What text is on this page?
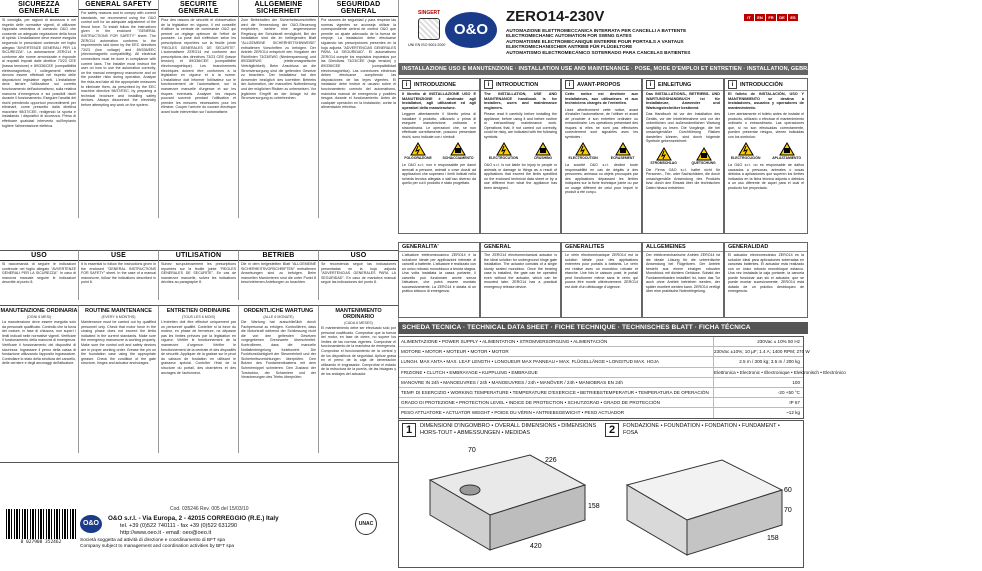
SICUREZZA GENERALE
Si consiglia, per ragioni di sicurezza e nel rispetto delle normative vigenti, di utilizzare l'apposita centralina di comando O&O che consente un adeguato regolazione della forza di spinta. L'installazione deve essere eseguita seguendo le prescrizioni contenute nel foglio allegato "AVVERTENZE GENERALI PER LA SICUREZZA". La automazione ZERO14 è conforme alle norme armonizzate e risponde ai requisiti imposti dalle direttive 73/23 CEE (bassa tensione) e 89/336/CEE (compatibilità elettromagnetica). I collegamenti elettrici devono essere effettuati nel rispetto delle disposizioni legislative vigenti. L'installatore deve istruire l'utilizzatore sul corretto funzionamento dell'automatismo, sulla relativa manovra d'emergenza e sui possibili rischi durante il funzionamento. Eseguire l'analisi dei rischi prendendo opportuni provvedimenti per eliminarli, come prescritto dalla direttiva macchine 98/37/CEE, redigendo la sporta e installando i dispositivi di sicurezza. Prima di effettuare qualsiasi intervento sull'impianto togliere l'alimentazione elettrica.
GENERAL SAFETY
For safety reasons and to comply with current standards, we recommend using the O&O control unit for an adequate adjustment of the thrust force. To install follow the instructions given in the enclosed "GENERAL INSTRUCTIONS FOR SAFETY" sheet. The ZERO14 automation conforms to the requirements laid down by the EEC directives 73/23 (low voltage) and 89/336/EEC (electromagnetic compatibility). All electrical connections must be done in compliance with current laws. The installer must instruct the user on how to use the automation correctly, on the manual emergency manoeuvre and on the possible risks during operation. Analyse the risks and take all the appropriate measures to eliminate them, as prescribed by the EEC machine directive 98/37/EEC, by preparing a technical brochure and installing safety devices. Always disconnect the electricity before attempting any work on the system.
SECURITE GENERALE
Pour des raisons de sécurité et d'observation de la législation en vigueur, il est conseillé d'utiliser la centrale de commande O&O qui permet un réglage optimum de l'effort de poussée. La pose doit s'effectuer selon les prescriptions reportées sur la feuille jointe "REGLES GENERALES DE SECURITE". L'automatisme ZERO14 est conforme aux prescriptions des directives 73/23 CEE (basse tension) et 89/336/CEE (compatibilité électromagnétique). Les branchements électriques doivent être conformes à la législation en vigueur et à la norme. L'installateur doit informer l'utilisateur sur le fonctionnement de l'automatisme, sur la manœuvre manuelle d'urgence et sur les risques éventuels. Analyser les risques pouvant survenir pendant l'utilisation et prendre les mesures nécessaires pour les éliminer. Couper l'arrivée du courant électrique avant toute intervention sur l'automatisme.
ALLGEMEINE SICHERHEIT
Zum Beibehalten der Sicherheitsvorschriften wird die Verwendung der O&O-Steuerung empfohlen, welche eine angemessene Regelung der Schubkraft ermöglicht. Bei der Installation sind die im beiliegenden Blatt "ALLGEMEINE SICHERHEITSHINWEISE" enthaltenen Vorschriften zu befolgen. Der Antrieb ZERO14 entspricht den Vorgaben der Richtlinien 73/23/EWG (Niederspannung) und 89/336/EWG (elektromagnetische Verträglichkeit). Beim Anschluss an die Stromversorgung sind die geltenden Gesetze zu beachten. Der Installateur hat den Anwender bezüglich des korrekten Betriebs der Automation, der manuellen Notbedienung und der möglichen Risiken zu unterweisen. Vor jeglichem Eingriff an der Anlage ist die Stromversorgung zu unterbrechen.
SEGURIDAD GENERAL
Por razones de seguridad y para respetar las normas vigentes se aconseja utilizar la correspondiente central de control O&O que permite un ajuste adecuado de la fuerza de empuje. La instalación debe efectuarse siguiendo las prescripciones presentes en la hoja adjunta "ADVERTENCIAS GENERALES PARA LA SEGURIDAD". El automatismo ZERO14 cumple los requisitos impuestos por las Directivas 73/23/CEE (baja tensión) y 89/336/CEE (compatibilidad electromagnética). Las conexiones eléctricas deben efectuarse cumpliendo las disposiciones de las leyes vigentes. El instalador debe instruir al usuario sobre el funcionamiento correcto del automatismo, maniobra manual de emergencia y posibles riesgos durante el funcionamiento. Antes de cualquier operación en la instalación, cortar la alimentación eléctrica.
USO
Si raccomanda di seguire le indicazioni contenute nel foglio allegato "AVVERTENZE GENERALI PER LA SICUREZZA". In caso di manovra manuale seguire le indicazioni descritte al punto 8.
USE
It is essential to follow the instructions given in the enclosed "GENERAL INSTRUCTIONS FOR SAFETY" sheet. In the case of a manual manoeuvre, follow the indications described in point 8.
UTILISATION
Suivez scrupuleusement les prescriptions reportées sur la feuille jointe "REGLES GENERALES DE SECURITE". En cas de manœuvre manuelle, suivez les indications décrites au paragraphe 8.
BETRIEB
Die in dem beigestellten Blatt "ALLGEMEINE SICHERHEITSVORSCHRIFTEN" enthaltenen Anweisungen sind zu befolgen. Beim manuellen Manövrieren sind die unter Punkt 8 beschriebenen Anleitungen zu beachten.
USO
Se recomienda seguir las indicaciones presentadas en la hoja adjunta "ADVERTENCIAS GENERALES PARA LA SEGURIDAD". En caso de maniobra manual seguir las indicaciones del punto 8.
MANUTENZIONE ORDINARIA
(OGNI 6 MESI)
La manutenzione deve essere eseguita solo da personale qualificato. Controllo che la forza del motore, in fase di chiusura, non superi i limiti indicati nelle normative vigenti. Verificare il funzionamento della manovra di emergenza. Verificare il funzionamento dei dispositivi di sicurezza. Ingrassare il perno della cassa di fondazione utilizzando l'apposito ingrassatore. Controllare lo stato della struttura del cancello, delle cerniere e degli ancoraggi dell'attuatore.
ROUTINE MAINTENANCE
(EVERY 6 MONTHS)
Maintenance must be carried out by qualified personnel only. Check that motor force in the closing phase does not exceed the limits indicated in the current standards. Make sure the emergency manoeuvre is working properly. Make sure the control unit and safety devices are in proper working order. Grease the pin on the foundation case using the appropriate greaser. Check the condition of the gate structure, hinges and actuator anchorages.
ENTRETIEN ORDINAIRE
(TOUS LES 6 MOIS)
L'entretien doit être effectué uniquement par un personnel qualifié. Contrôler si la force du moteur, en phase de fermeture, ne dépasse pas les limites prévues par la législation en vigueur. Vérifier le fonctionnement de la manœuvre d'urgence. Vérifier le fonctionnement de la centrale et des dispositifs de sécurité. Appliquer de la graisse sur le pivot du caisson de fondation en utilisant le graisseur spécial. Contrôler l'état de la structure du portail, des charnières et des ancrages de l'actionneur.
ORDENTLICHE WARTUNG
(ALLE 6 MONATE)
Die Wartung hat ausschließlich durch Fachpersonal zu erfolgen. Kontrollieren, dass die Motorkraft während der Schliessung nicht die von den geltenden Gesetzen vorgegebenen Grenzwerte überschreitet. Kontrollieren, dass die manuelle Notfallentriegelung funktioniert. Die Funktionstüchtigkeit der Steuereinheit und der Sicherheitsvorrichtungen überprüfen. Den Bolzen des Fundamentkastens mit dem Schmiernippel schmieren. Den Zustand der Torstruktur, der Scharniere und der Verankerungen des Triebs überprüfen.
MANTENIMIENTO ORDINARIO
(CADA 6 MESES)
El mantenimiento debe ser efectuado sólo por personal cualificado. Comprobar que la fuerza del motor, en fase de cierre, no supere los límites de las normas vigentes. Comprobar el funcionamiento de la maniobra de emergencia. Comprobar el funcionamiento de la central y de los dispositivos de seguridad. Aplicar grasa en el perno de la caja de cimentación utilizando el engrasador. Comprobar el estado de la estructura de la puerta, de las bisagras y de los anclajes del actuador.
8 027908 352462
Cod. 035246 Rev. 005 del 15/03/10
O&O
O&O s.r.l. - Via Europa, 2 - 42015 CORREGGIO (R.E.) Italy
tel. +39 (0)522 740111 - fax +39 (0)522 631290
http://www.oeo.it - email: oeo@oeo.it
Società soggetta ad attività di direzione e coordinamento di BFT spa
Company subject to management and coordination activities by BFT spa
UNAC
SINGERT
UNI EN ISO 9001:2000
O&O
ZERO14-230V	IT	EN	FR	DE	ES
AUTOMAZIONE ELETTROMECCANICA INTERRATA PER CANCELLI A BATTENTE
ELECTROMECHANIC AUTOMATION FOR SWING GATES
AUTOMATISME ELECTROMECANIQUE ENTERRE POUR PORTAILS A VANTAUX
ELEKTROMECHANISCHER ANTRIEB FÜR FLÜGELTORE
AUTOMATISMO ELECTROMECÁNICO SOTERRADO PARA CANCELAS BATIENTES
INSTALLAZIONE USO E MANUTENZIONE · INSTALLATION USE AND MAINTENANCE · POSE, MODE D'EMPLOI ET ENTRETIEN · INSTALLATION, GEBRAUCH UND WARTUNG · INSTALACIÓN, USO Y MANTENIMIENTO
i	INTRODUZIONE
Il libretto di INSTALLAZIONE USO E MANUTENZIONE è destinato agli installatori, agli utilizzatori ed agli operatori della manutenzione.
Leggere attentamente il libretto prima di installare il prodotto, utilizzarlo o prima di eseguire manutenzione ordinaria e straordinaria. Le operazioni che, se non effettuate correttamente, possono presentare rischi, sono indicate con i simboli:
FOLGORAZIONE	SCHIACCIAMENTO
Le O&O s.r.l. non è responsabile per danni arrecati a persone, animali o cose dovuti ad applicazioni che superano i limiti indicati nella scheda tecnica allegata o dall'uso diverso da quello per cui il prodotto è stato progettato.
i	INTRODUCTION
The INSTALLATION, USE AND MAINTENANCE handbook is for installers, users and maintenance engineers.
Please read it carefully before installing the appliance, before using it and before routine or extraordinary maintenance work. Operations that, if not carried out correctly, could be risky, are indicated with the following symbols:
ELECTROCUTION	CRUSHING
O&O s.r.l. is not liable for injury to people or animals or damage to things as a result of applications that exceed the limits specified on the enclosed technical data sheet or by a use different from what the appliance has been designed.
i	AVANT-PROPOS
Cette notice est destinée aux installateurs, aux utilisateurs et aux techniciens chargés de l'entretien.
Lisez attentivement cette notice, avant d'installer l'automatisme, de l'utiliser et avant de procéder à son entretien ordinaire ou extraordinaire. Les opérations présentant des risques si elles ne sont pas effectuées correctement sont signalées avec les symboles :
ELECTROCUTION	ECRASEMENT
La société O&O s.r.l. décline toute responsabilité en cas de dégâts à des personnes, animaux ou objets provoqués par des applications dépassant les limites indiquées sur la fiche technique jointe ou par un usage différent de celui pour lequel le produit a été conçu.
i	EINLEITUNG
Das INSTALLATIONS-, BETRIEBS- UND WARTUNGSHANDBUCH ist für Installateure, Anwender und Wartungstechniker bestimmt.
Das Handbuch ist vor der Installation des Geräts, vor der Inbetriebnahme und vor der ordentlichen und außerordentlichen Wartung sorgfältig zu lesen. Die Vorgänge, die bei unsachgemäßer Durchführung Risiken darstellen können, sind durch folgende Symbole gekennzeichnet:
STROMSCHLAG	QUETSCHUNG
Die Firma O&O s.r.l. haftet nicht für Personen-, Tier- oder Sachschäden, die durch unsachgemäße Anwendung des Produkts bzw. durch den Einsatz über die technischen Daten hinaus entstehen.
i	INTRODUCCIÓN
El folleto de INSTALACIÓN, USO Y MANTENIMIENTO se destina a instaladores, usuarios y operadores de mantenimiento.
Leer atentamente el folleto antes de instalar el producto, utilizarlo o efectuar el mantenimiento ordinario o extraordinario. Las operaciones que, si no son efectuadas correctamente, pueden presentar riesgos, vienen indicadas con los símbolos:
ELECTROCUCIÓN	APLASTAMIENTO
La O&O s.r.l. no es responsable de daños causados a personas, animales o cosas debidos a aplicaciones que superen los límites indicados en la ficha técnica adjunta o debidos a un uso diferente de aquel para el cual el producto fue proyectado.
GENERALITA'
L'attuatore elettromeccanico ZERO14 è la soluzione ideale per applicazioni interrate di cancelli a battente. L'attuatore è realizzato con un unico robusto monoblocco a tenuta stagna. Una volta installata la cassa portante, il cancello può funzionare anche senza l'attuatore, che potrà essere montato successivamente. La ZERO14 è dotata di un pratico sblocco di emergenza.
GENERAL
The ZERO14 electromechanical actuator is the ideal solution for underground hinge gate installation. The actuator consists of a single sturdy sealed monobloc. Once the bearing case is installed, the gate can be operated even without the actuator, which can be mounted later. ZERO14 has a practical emergency release device.
GENERALITES
Le vérin électromécanique ZERO14 est la solution idéale pour des applications enterrées pour portails à battants. Le vérin est réalisé avec un monobloc robuste et étanche. Une fois le caisson posé, le portail peut fonctionner même sans le vérin, qui pourra être monté ultérieurement. ZERO14 est doté d'un déblocage d'urgence.
ALLGEMEINES
Der elektromechanische Antrieb ZERO14 ist die ideale Lösung für die unterirdische Anwendung bei Flügeltoren. Der Antrieb besteht aus einem einzigen robusten Monoblock mit dichtem Gehäuse. Sobald der Fundamentkasten installiert ist, kann das Tor auch ohne Antrieb betrieben werden, der später montiert werden kann. ZERO14 verfügt über eine praktische Notentriegelung.
GENERALIDAD
El actuador electromecánico ZERO14 es la solución ideal para aplicaciones soterradas en cancelas batientes. El actuador está realizado con un único robusto monobloque estanco. Una vez instalada la caja portante, la cancela puede funcionar aun sin el actuador, que se puede montar sucesivamente. ZERO14 está dotado de un práctico desbloqueo de emergencia.
SCHEDA TECNICA · TECHNICAL DATA SHEET · FICHE TECHNIQUE · TECHNISCHES BLATT · FICHA TÉCNICA
ALIMENTAZIONE • POWER SUPPLY • ALIMENTATION • STROMVERSORGUNG • ALIMENTACIÓN	230Vac ± 10% 50 Hz
MOTORE • MOTOR • MOTEUR • MOTOR • MOTOR	230Vac ±10%; 10 µF; 1.4 A; 1400 RPM; 270 W
LUNGH. MAX ANTA • MAX. LEAF LENGTH • LONGUEUR MAX PANNEAU • MAX. FLÜGELLÄNGE • LONGITUD MAX. HOJA	2.5 m / 300 kg; 3.5 m / 200 kg
FRIZIONE • CLUTCH • EMBRAYAGE • KUPPLUNG • EMBRAGUE	Elettronica • Electronic • Électronique • Elektronisch • Electrónico
MANOVRE IN 24h • MANOEUVRES / 24h • MANOEUVRES / 24h • MANÖVER / 24h • MANIOBRAS EN 24h	100
TEMP. DI ESERCIZIO • WORKING TEMPERATURE • TEMPERATURE D'EXERCICE • BETRIEBSTEMPERATUR • TEMPERATURA DE OPERACIÓN	-20 +50 °C
GRADO DI PROTEZIONE • PROTECTION LEVEL • INDICE DE PROTECTION • SCHUTZGRAD • GRADO DE PROTECCIÓN	IP 67
PESO ATTUATORE • ACTUATOR WEIGHT • POIDS DU VÉRIN • ANTRIEBSGEWICHT • PESO ACTUADOR	~12 kg
1	DIMENSIONI D'INGOMBRO • OVERALL DIMENSIONS • DIMENSIONS HORS-TOUT • ABMESSUNGEN • MEDIDAS	2	FONDAZIONE • FOUNDATION • FONDATION • FUNDAMENT • FOSA
70
226
158
420
60
70
158
